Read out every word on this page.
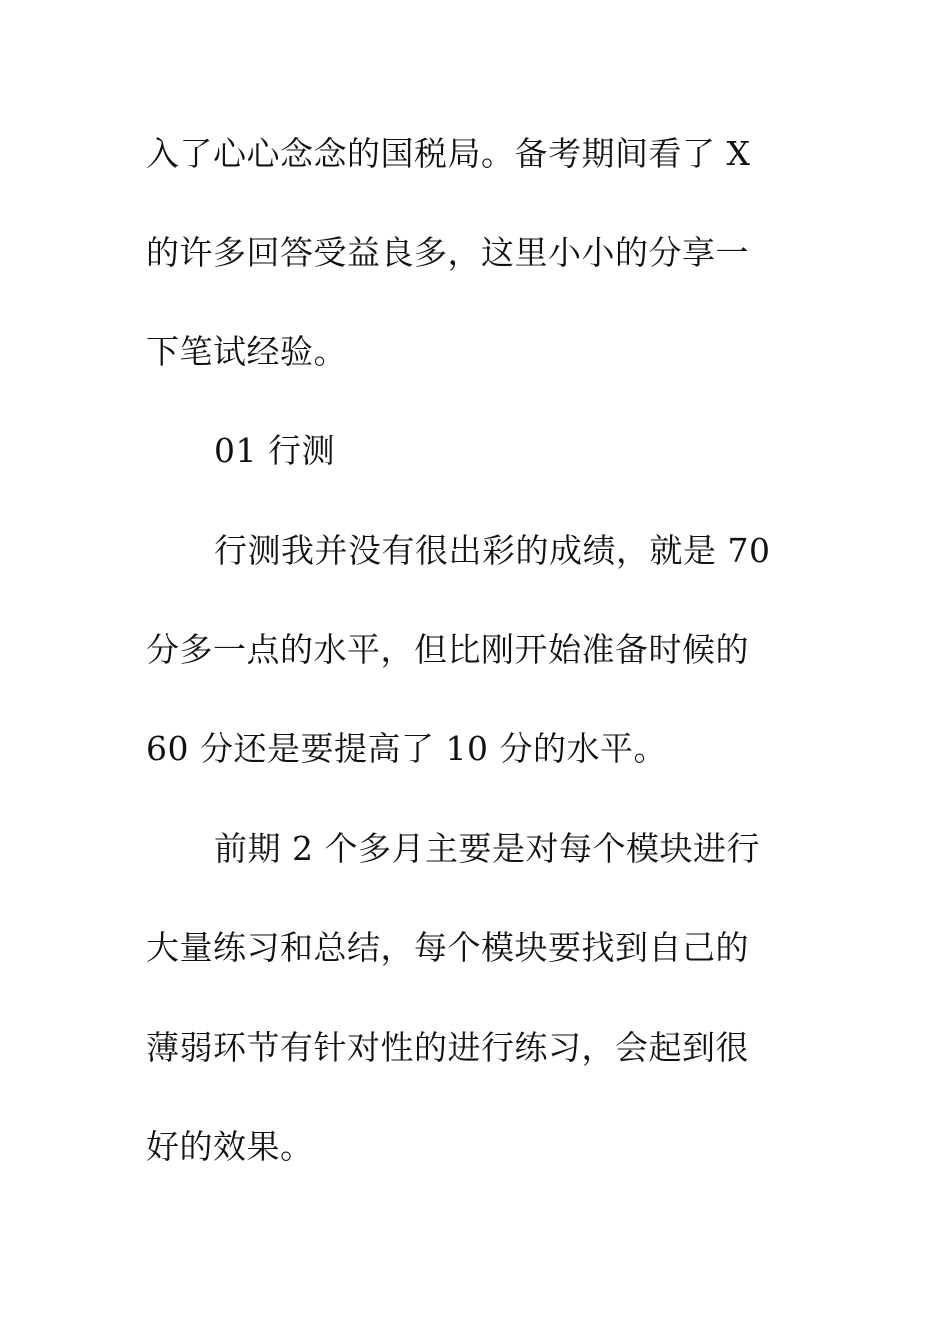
入了心心念念的国税局。备考期间看了 X
的许多回答受益良多，这里小小的分享一
下笔试经验。
01 行测
行测我并没有很出彩的成绩，就是 70
分多一点的水平，但比刚开始准备时候的
60 分还是要提高了 10 分的水平。
前期 2 个多月主要是对每个模块进行
大量练习和总结，每个模块要找到自己的
薄弱环节有针对性的进行练习，会起到很
好的效果。
